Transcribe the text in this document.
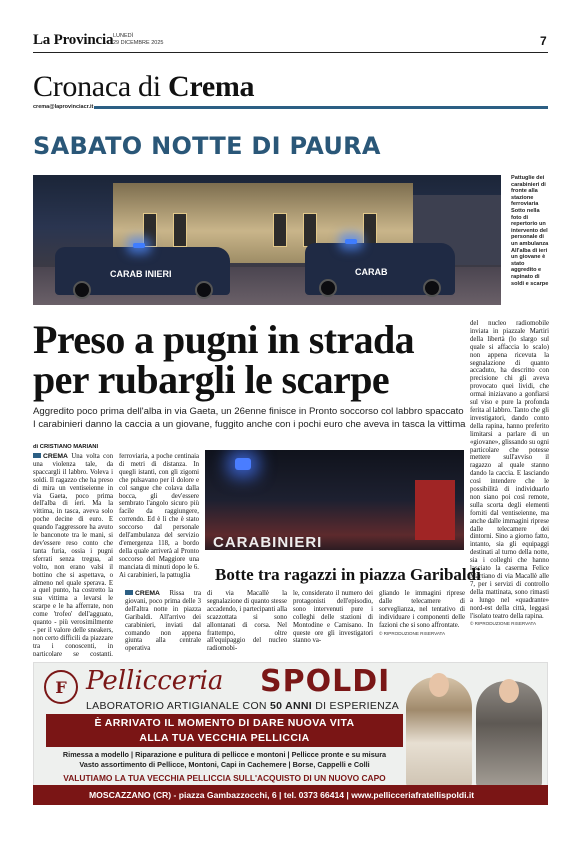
La Provincia LUNEDÌ
29 DICEMBRE 2025	7
Cronaca di Crema
crema@laprovinciacr.it
SABATO NOTTE DI PAURA
CARAB INIERI	CARAB
Pattuglie dei carabinieri di fronte alla stazione ferroviaria Sotto nella foto di repertorio un intervento del personale di un ambulanza All'alba di ieri un giovane è stato aggredito e rapinato di soldi e scarpe
Preso a pugni in strada
per rubargli le scarpe
Aggredito poco prima dell'alba in via Gaeta, un 26enne finisce in Pronto soccorso col labbro spaccato
I carabinieri danno la caccia a un giovane, fuggito anche con i pochi euro che aveva in tasca la vittima
di CRISTIANO MARIANI
CREMA Una volta con una violenza tale, da spaccargli il labbro. Voleva i soldi. Il ragazzo che ha preso di mira un ventiseienne in via Gaeta, poco prima dell'alba di ieri. Ma la vittima, in tasca, aveva solo poche decine di euro. E quando l'aggressore ha avuto le banconote tra le mani, si dev'essere reso conto che tanta furia, ossia i pugni sferrati senza tregua, al volto, non erano valsi il bottino che si aspettava, o almeno nel quale sperava. E a quel punto, ha costretto la sua vittima a levarsi le scarpe e le ha afferrate, non come 'trofeo' dell'agguato, quanto - più verosimilmente - per il valore delle sneakers, non certo difficili da piazzare tra i conoscenti, in particolare se costanti.
ferroviaria, a poche centinaia di metri di distanza. In quegli istanti, con gli zigomi che pulsavano per il dolore e col sangue che colava dalla bocca, gli dev'essere sembrato l'angolo sicuro più facile da raggiungere, correndo. Ed è lì che è stato soccorso dal personale dell'ambulanza del servizio d'emergenza 118, a bordo della quale arriverà al Pronto soccorso del Maggiore una manciata di minuti dopo le 6. Ai carabinieri, la pattuglia
del nucleo radiomobile inviata in piazzale Martiri della libertà (lo slargo sul quale si affaccia lo scalo) non appena ricevuta la segnalazione di quanto accaduto, ha descritto con precisione chi gli aveva provocato quei lividi, che ormai iniziavano a gonfiarsi sul viso e pure la profonda ferita al labbro. Tanto che gli investigatori, dando conto della rapina, hanno preferito limitarsi a parlare di un «giovane», glissando su ogni particolare che potesse mettere sull'avviso il ragazzo al quale stanno dando la caccia. E lasciando così intendere che le possibilità di individuarlo non siano poi così remote, sulla scorta degli elementi forniti dal ventiseienne, ma anche dalle immagini riprese dalle telecamere dei dintorni. Sino a giorno fatto, intanto, sia gli equipaggi destinati al turno della notte, sia i colleghi che hanno lasciato la caserma Felice Martiano di via Macallè alle 7, per i servizi di controllo della mattinata, sono rimasti a lungo nel «quadrante» nord-est della città, leggasi l'isolato teatro della rapina.
© RIPRODUZIONE RISERVATA
CARABINIERI
Botte tra ragazzi in piazza Garibaldi
CREMA Rissa tra giovani, poco prima delle 3 dell'altra notte in piazza Garibaldi. All'arrivo dei carabinieri, inviati dal comando non appena giunta alla centrale operativa
di via Macallè la segnalazione di quanto stesse accadendo, i partecipanti alla scazzottata si sono allontanati di corsa. Nel frattempo, oltre all'equipaggio del nucleo radiomobi-
le, considerato il numero dei protagonisti dell'episodio, sono intervenuti pure i colleghi delle stazioni di Montodine e Camisano. In queste ore gli investigatori stanno va-
gliando le immagini riprese dalle telecamere di sorveglianza, nel tentativo di individuare i componenti delle fazioni che si sono affrontate.
© RIPRODUZIONE RISERVATA
F Pellicceria SPOLDI
LABORATORIO ARTIGIANALE CON 50 ANNI DI ESPERIENZA
È ARRIVATO IL MOMENTO DI DARE NUOVA VITA
ALLA TUA VECCHIA PELLICCIA
Rimessa a modello | Riparazione e pulitura di pellicce e montoni | Pellicce pronte e su misura
Vasto assortimento di Pellicce, Montoni, Capi in Cachemere | Borse, Cappelli e Colli
VALUTIAMO LA TUA VECCHIA PELLICCIA SULL'ACQUISTO DI UN NUOVO CAPO
MOSCAZZANO (CR) - piazza Gambazzocchi, 6 | tel. 0373 66414 | www.pellicceriafratellispoldi.it
